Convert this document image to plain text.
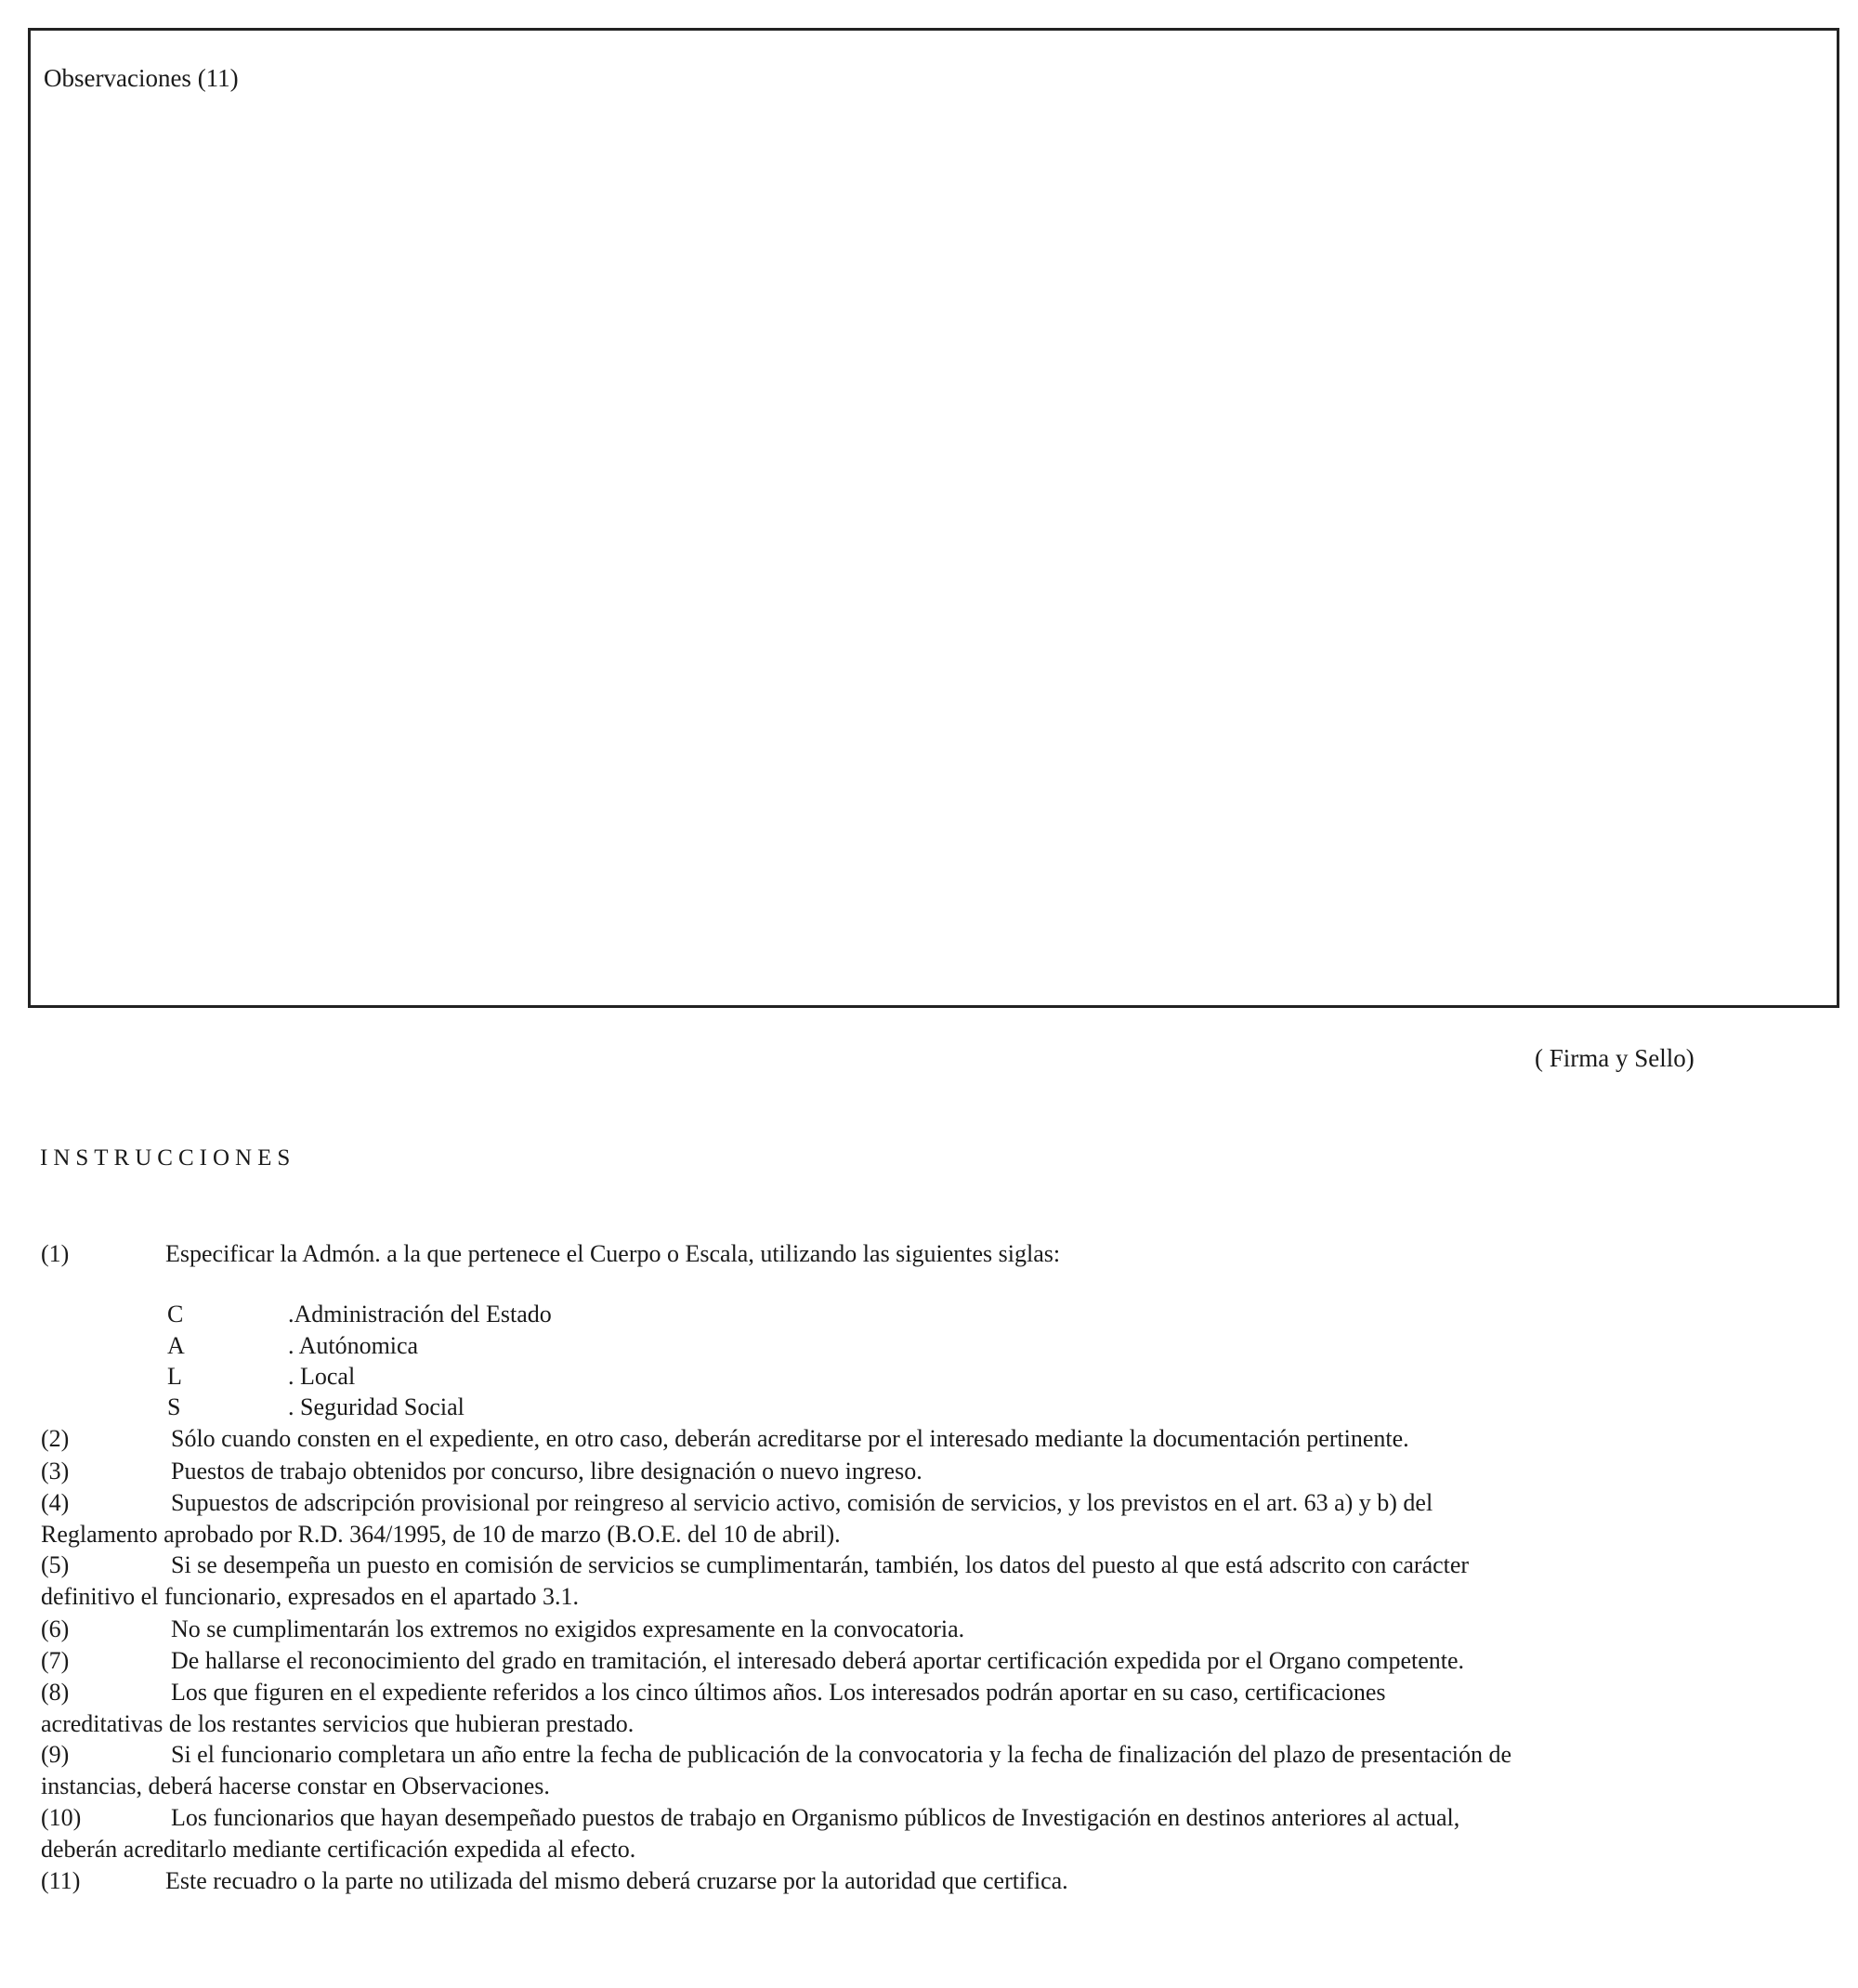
Observaciones (11)
( Firma y Sello)
INSTRUCCIONES
(1)	Especificar la Admón. a la que pertenece el Cuerpo o Escala, utilizando las siguientes siglas:
C	.Administración del Estado
A	. Autónomica
L	. Local
S	. Seguridad Social
(2)	Sólo cuando consten en el expediente, en otro caso, deberán acreditarse por el interesado mediante la documentación pertinente.
(3)	Puestos de trabajo obtenidos por concurso, libre designación o nuevo ingreso.
(4)	Supuestos de adscripción provisional por reingreso al servicio activo, comisión de servicios, y los previstos en el art. 63 a) y b) del
Reglamento aprobado por R.D. 364/1995, de 10 de marzo (B.O.E. del 10 de abril).
(5)	Si se desempeña un puesto en comisión de servicios se cumplimentarán, también, los datos del puesto al que está adscrito con carácter
definitivo el funcionario, expresados en el apartado 3.1.
(6)	No se cumplimentarán los extremos no exigidos expresamente en la convocatoria.
(7)	De hallarse el reconocimiento del grado en tramitación, el interesado deberá aportar certificación expedida por el Organo competente.
(8)	Los que figuren en el expediente referidos a los cinco últimos años. Los interesados podrán aportar en su caso, certificaciones
acreditativas de los restantes servicios que hubieran prestado.
(9)	Si el funcionario completara un año entre la fecha de publicación de la convocatoria y la fecha de finalización del plazo de presentación de
instancias, deberá hacerse constar en Observaciones.
(10)	Los funcionarios que hayan desempeñado puestos de trabajo en Organismo públicos de Investigación en destinos anteriores al actual,
deberán acreditarlo mediante certificación expedida al efecto.
(11)	Este recuadro o la parte no utilizada del mismo deberá cruzarse por la autoridad que certifica.
